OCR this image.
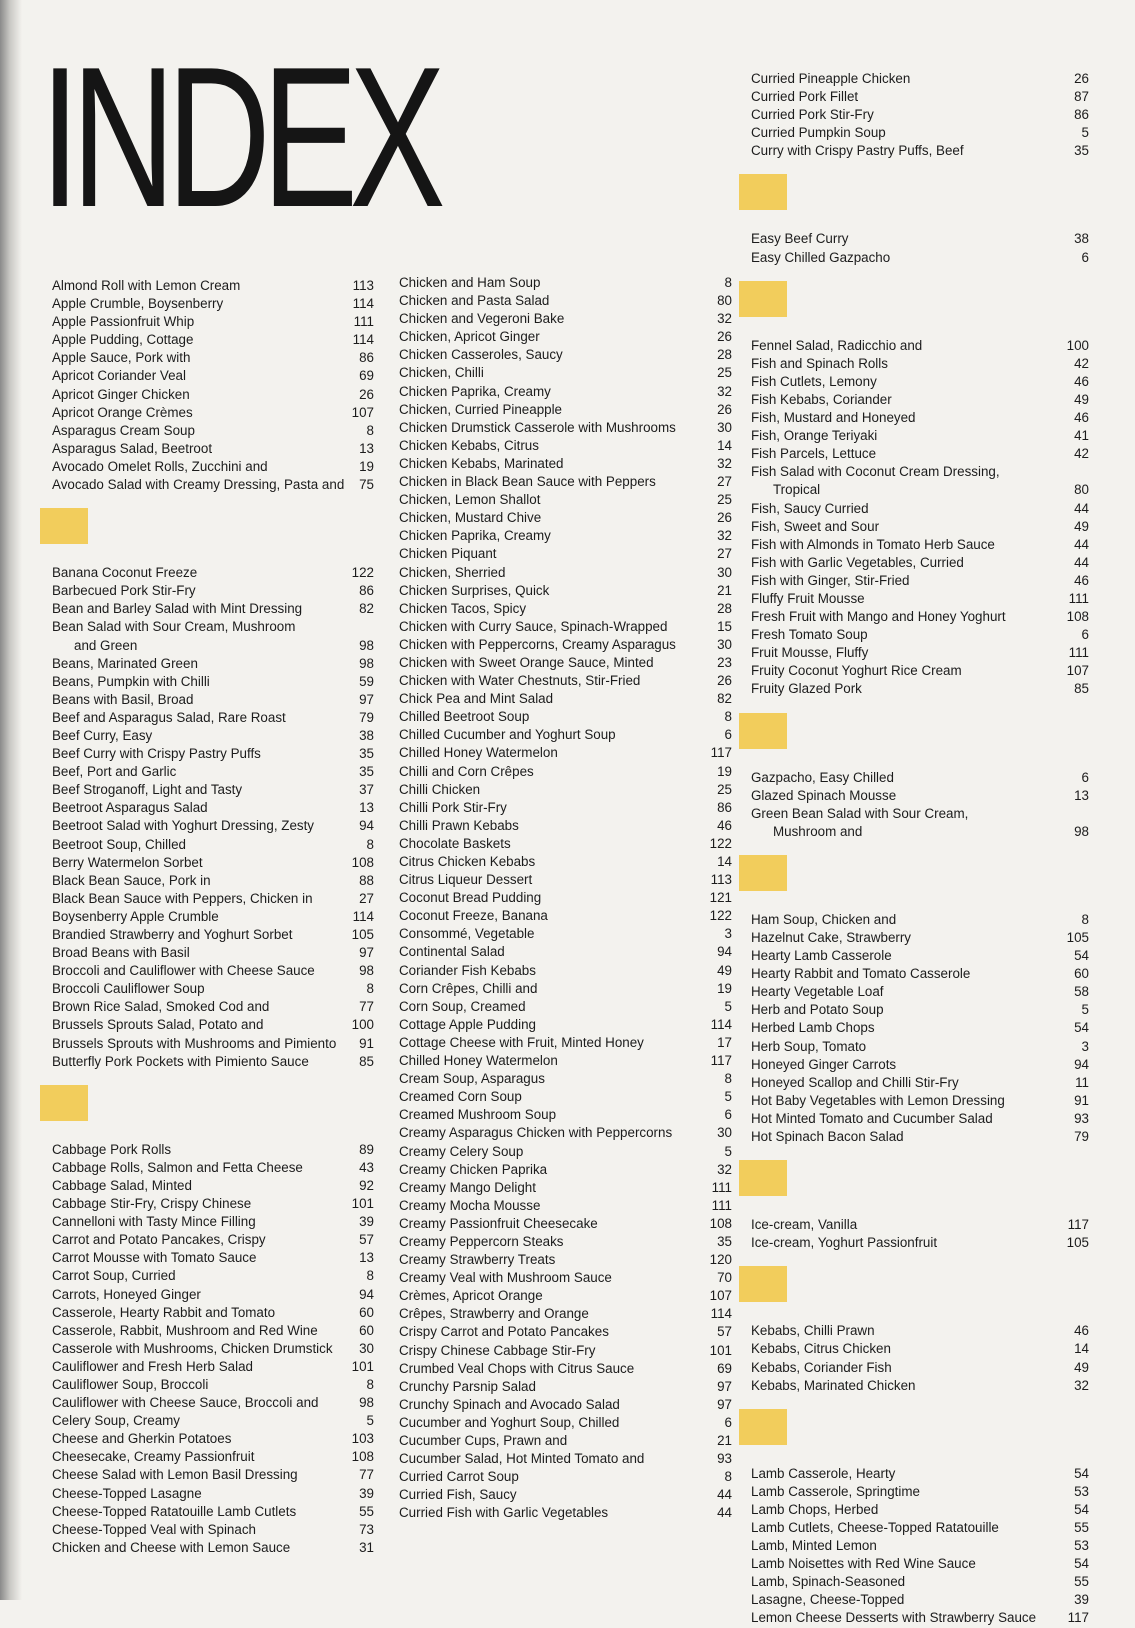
INDEX
Almond Roll with Lemon Cream	113
Apple Crumble, Boysenberry	114
Apple Passionfruit Whip	111
Apple Pudding, Cottage	114
Apple Sauce, Pork with	86
Apricot Coriander Veal	69
Apricot Ginger Chicken	26
Apricot Orange Crèmes	107
Asparagus Cream Soup	8
Asparagus Salad, Beetroot	13
Avocado Omelet Rolls, Zucchini and	19
Avocado Salad with Creamy Dressing, Pasta and	75
Banana Coconut Freeze	122
Barbecued Pork Stir-Fry	86
Bean and Barley Salad with Mint Dressing	82
Bean Salad with Sour Cream, Mushroom
and Green	98
Beans, Marinated Green	98
Beans, Pumpkin with Chilli	59
Beans with Basil, Broad	97
Beef and Asparagus Salad, Rare Roast	79
Beef Curry, Easy	38
Beef Curry with Crispy Pastry Puffs	35
Beef, Port and Garlic	35
Beef Stroganoff, Light and Tasty	37
Beetroot Asparagus Salad	13
Beetroot Salad with Yoghurt Dressing, Zesty	94
Beetroot Soup, Chilled	8
Berry Watermelon Sorbet	108
Black Bean Sauce, Pork in	88
Black Bean Sauce with Peppers, Chicken in	27
Boysenberry Apple Crumble	114
Brandied Strawberry and Yoghurt Sorbet	105
Broad Beans with Basil	97
Broccoli and Cauliflower with Cheese Sauce	98
Broccoli Cauliflower Soup	8
Brown Rice Salad, Smoked Cod and	77
Brussels Sprouts Salad, Potato and	100
Brussels Sprouts with Mushrooms and Pimiento	91
Butterfly Pork Pockets with Pimiento Sauce	85
Cabbage Pork Rolls	89
Cabbage Rolls, Salmon and Fetta Cheese	43
Cabbage Salad, Minted	92
Cabbage Stir-Fry, Crispy Chinese	101
Cannelloni with Tasty Mince Filling	39
Carrot and Potato Pancakes, Crispy	57
Carrot Mousse with Tomato Sauce	13
Carrot Soup, Curried	8
Carrots, Honeyed Ginger	94
Casserole, Hearty Rabbit and Tomato	60
Casserole, Rabbit, Mushroom and Red Wine	60
Casserole with Mushrooms, Chicken Drumstick	30
Cauliflower and Fresh Herb Salad	101
Cauliflower Soup, Broccoli	8
Cauliflower with Cheese Sauce, Broccoli and	98
Celery Soup, Creamy	5
Cheese and Gherkin Potatoes	103
Cheesecake, Creamy Passionfruit	108
Cheese Salad with Lemon Basil Dressing	77
Cheese-Topped Lasagne	39
Cheese-Topped Ratatouille Lamb Cutlets	55
Cheese-Topped Veal with Spinach	73
Chicken and Cheese with Lemon Sauce	31
Chicken and Ham Soup	8
Chicken and Pasta Salad	80
Chicken and Vegeroni Bake	32
Chicken, Apricot Ginger	26
Chicken Casseroles, Saucy	28
Chicken, Chilli	25
Chicken Paprika, Creamy	32
Chicken, Curried Pineapple	26
Chicken Drumstick Casserole with Mushrooms	30
Chicken Kebabs, Citrus	14
Chicken Kebabs, Marinated	32
Chicken in Black Bean Sauce with Peppers	27
Chicken, Lemon Shallot	25
Chicken, Mustard Chive	26
Chicken Paprika, Creamy	32
Chicken Piquant	27
Chicken, Sherried	30
Chicken Surprises, Quick	21
Chicken Tacos, Spicy	28
Chicken with Curry Sauce, Spinach-Wrapped	15
Chicken with Peppercorns, Creamy Asparagus	30
Chicken with Sweet Orange Sauce, Minted	23
Chicken with Water Chestnuts, Stir-Fried	26
Chick Pea and Mint Salad	82
Chilled Beetroot Soup	8
Chilled Cucumber and Yoghurt Soup	6
Chilled Honey Watermelon	117
Chilli and Corn Crêpes	19
Chilli Chicken	25
Chilli Pork Stir-Fry	86
Chilli Prawn Kebabs	46
Chocolate Baskets	122
Citrus Chicken Kebabs	14
Citrus Liqueur Dessert	113
Coconut Bread Pudding	121
Coconut Freeze, Banana	122
Consommé, Vegetable	3
Continental Salad	94
Coriander Fish Kebabs	49
Corn Crêpes, Chilli and	19
Corn Soup, Creamed	5
Cottage Apple Pudding	114
Cottage Cheese with Fruit, Minted Honey	17
Chilled Honey Watermelon	117
Cream Soup, Asparagus	8
Creamed Corn Soup	5
Creamed Mushroom Soup	6
Creamy Asparagus Chicken with Peppercorns	30
Creamy Celery Soup	5
Creamy Chicken Paprika	32
Creamy Mango Delight	111
Creamy Mocha Mousse	111
Creamy Passionfruit Cheesecake	108
Creamy Peppercorn Steaks	35
Creamy Strawberry Treats	120
Creamy Veal with Mushroom Sauce	70
Crèmes, Apricot Orange	107
Crêpes, Strawberry and Orange	114
Crispy Carrot and Potato Pancakes	57
Crispy Chinese Cabbage Stir-Fry	101
Crumbed Veal Chops with Citrus Sauce	69
Crunchy Parsnip Salad	97
Crunchy Spinach and Avocado Salad	97
Cucumber and Yoghurt Soup, Chilled	6
Cucumber Cups, Prawn and	21
Cucumber Salad, Hot Minted Tomato and	93
Curried Carrot Soup	8
Curried Fish, Saucy	44
Curried Fish with Garlic Vegetables	44
Curried Pineapple Chicken	26
Curried Pork Fillet	87
Curried Pork Stir-Fry	86
Curried Pumpkin Soup	5
Curry with Crispy Pastry Puffs, Beef	35
Easy Beef Curry	38
Easy Chilled Gazpacho	6
Fennel Salad, Radicchio and	100
Fish and Spinach Rolls	42
Fish Cutlets, Lemony	46
Fish Kebabs, Coriander	49
Fish, Mustard and Honeyed	46
Fish, Orange Teriyaki	41
Fish Parcels, Lettuce	42
Fish Salad with Coconut Cream Dressing,
Tropical	80
Fish, Saucy Curried	44
Fish, Sweet and Sour	49
Fish with Almonds in Tomato Herb Sauce	44
Fish with Garlic Vegetables, Curried	44
Fish with Ginger, Stir-Fried	46
Fluffy Fruit Mousse	111
Fresh Fruit with Mango and Honey Yoghurt	108
Fresh Tomato Soup	6
Fruit Mousse, Fluffy	111
Fruity Coconut Yoghurt Rice Cream	107
Fruity Glazed Pork	85
Gazpacho, Easy Chilled	6
Glazed Spinach Mousse	13
Green Bean Salad with Sour Cream,
Mushroom and	98
Ham Soup, Chicken and	8
Hazelnut Cake, Strawberry	105
Hearty Lamb Casserole	54
Hearty Rabbit and Tomato Casserole	60
Hearty Vegetable Loaf	58
Herb and Potato Soup	5
Herbed Lamb Chops	54
Herb Soup, Tomato	3
Honeyed Ginger Carrots	94
Honeyed Scallop and Chilli Stir-Fry	11
Hot Baby Vegetables with Lemon Dressing	91
Hot Minted Tomato and Cucumber Salad	93
Hot Spinach Bacon Salad	79
Ice-cream, Vanilla	117
Ice-cream, Yoghurt Passionfruit	105
Kebabs, Chilli Prawn	46
Kebabs, Citrus Chicken	14
Kebabs, Coriander Fish	49
Kebabs, Marinated Chicken	32
Lamb Casserole, Hearty	54
Lamb Casserole, Springtime	53
Lamb Chops, Herbed	54
Lamb Cutlets, Cheese-Topped Ratatouille	55
Lamb, Minted Lemon	53
Lamb Noisettes with Red Wine Sauce	54
Lamb, Spinach-Seasoned	55
Lasagne, Cheese-Topped	39
Lemon Cheese Desserts with Strawberry Sauce	117
